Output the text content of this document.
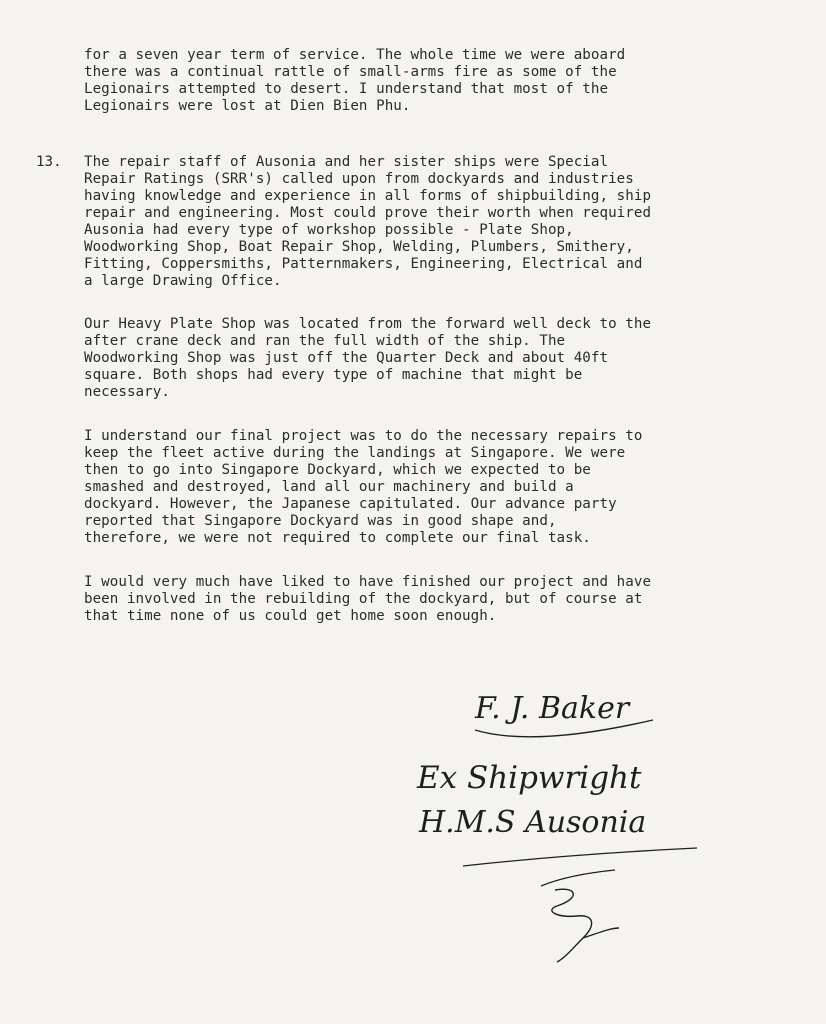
for a seven year term of service. The whole time we were aboard
there was a continual rattle of small-arms fire as some of the
Legionairs attempted to desert. I understand that most of the
Legionairs were lost at Dien Bien Phu.
13. The repair staff of Ausonia and her sister ships were Special
Repair Ratings (SRR's) called upon from dockyards and industries
having knowledge and experience in all forms of shipbuilding, ship
repair and engineering. Most could prove their worth when required
Ausonia had every type of workshop possible - Plate Shop,
Woodworking Shop, Boat Repair Shop, Welding, Plumbers, Smithery,
Fitting, Coppersmiths, Patternmakers, Engineering, Electrical and
a large Drawing Office.
Our Heavy Plate Shop was located from the forward well deck to the
after crane deck and ran the full width of the ship. The
Woodworking Shop was just off the Quarter Deck and about 40ft
square. Both shops had every type of machine that might be
necessary.
I understand our final project was to do the necessary repairs to
keep the fleet active during the landings at Singapore. We were
then to go into Singapore Dockyard, which we expected to be
smashed and destroyed, land all our machinery and build a
dockyard. However, the Japanese capitulated. Our advance party
reported that Singapore Dockyard was in good shape and,
therefore, we were not required to complete our final task.
I would very much have liked to have finished our project and have
been involved in the rebuilding of the dockyard, but of course at
that time none of us could get home soon enough.
F. J. Baker
Ex Shipwright
H.M.S Ausonia
